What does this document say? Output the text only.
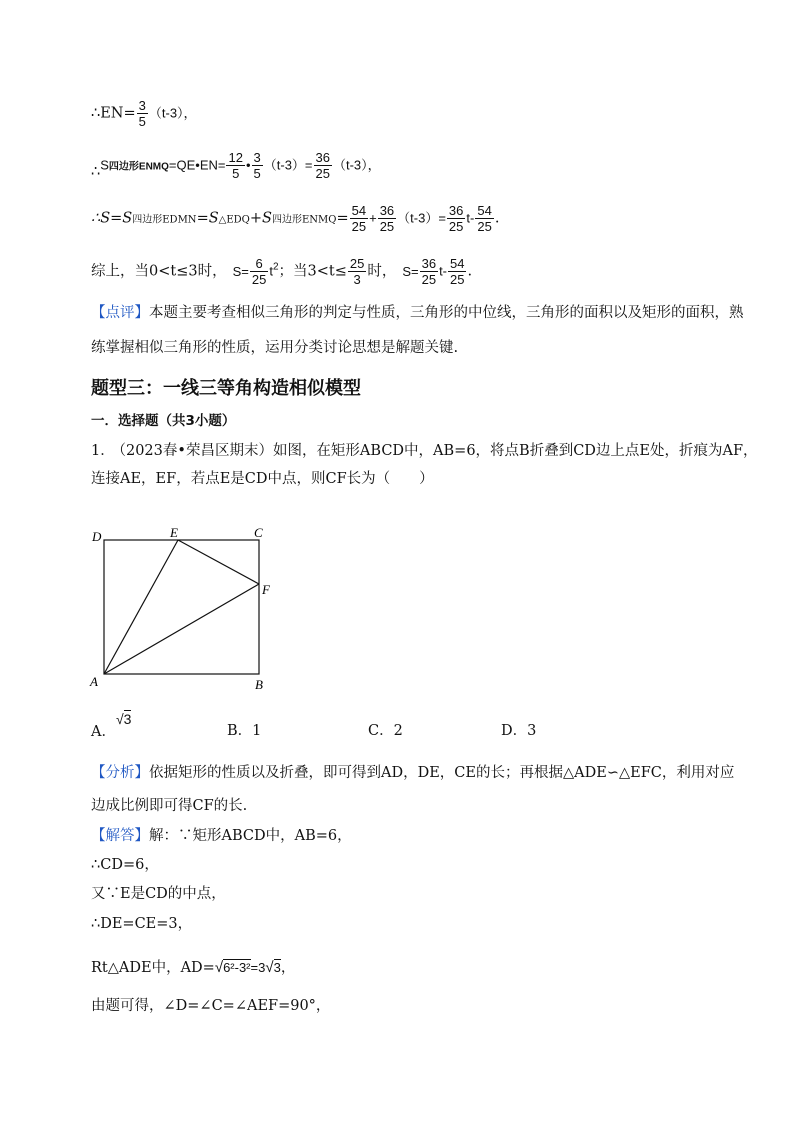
∴EN= $\frac{3}{5} (t-3)$，
∴S四边形ENMQ=QE•EN= $\frac{12}{5}$ • $\frac{3}{5} (t-3)= \frac{36}{25} (t-3)$，
∴S=S四边形EDMN=S△EDQ+S四边形ENMQ= $\frac{54}{25} + \frac{36}{25} (t-3)= \frac{36}{25} t- \frac{54}{25}$ .
综上，当0<t≤3时， $S= \frac{6}{25} t^2$；当$3<t\le \frac{25}{3}$ 时， $S= \frac{36}{25} t- \frac{54}{25}$ .
【点评】本题主要考查相似三角形的判定与性质，三角形的中位线，三角形的面积以及矩形的面积，熟
练掌握相似三角形的性质，运用分类讨论思想是解题关键.
题型三：一线三等角构造相似模型
一．选择题（共3小题）
1． （2023春•荣昌区期末）如图，在矩形ABCD中，AB=6，将点B折叠到CD边上点E处，折痕为AF，
连接AE，EF，若点E是CD中点，则CF长为（　　）
D	E	C
F
A	B
A．√3
B．1	C．2	D．3
【分析】依据矩形的性质以及折叠，即可得到AD，DE，CE的长；再根据△ADE∽△EFC，利用对应
边成比例即可得CF的长.
【解答】解：∵矩形ABCD中，AB=6，
∴CD=6，
又∵E是CD的中点，
∴DE=CE=3，
Rt△ADE中，AD=√6²-3²=3√3，
由题可得，∠D=∠C=∠AEF=90°，
